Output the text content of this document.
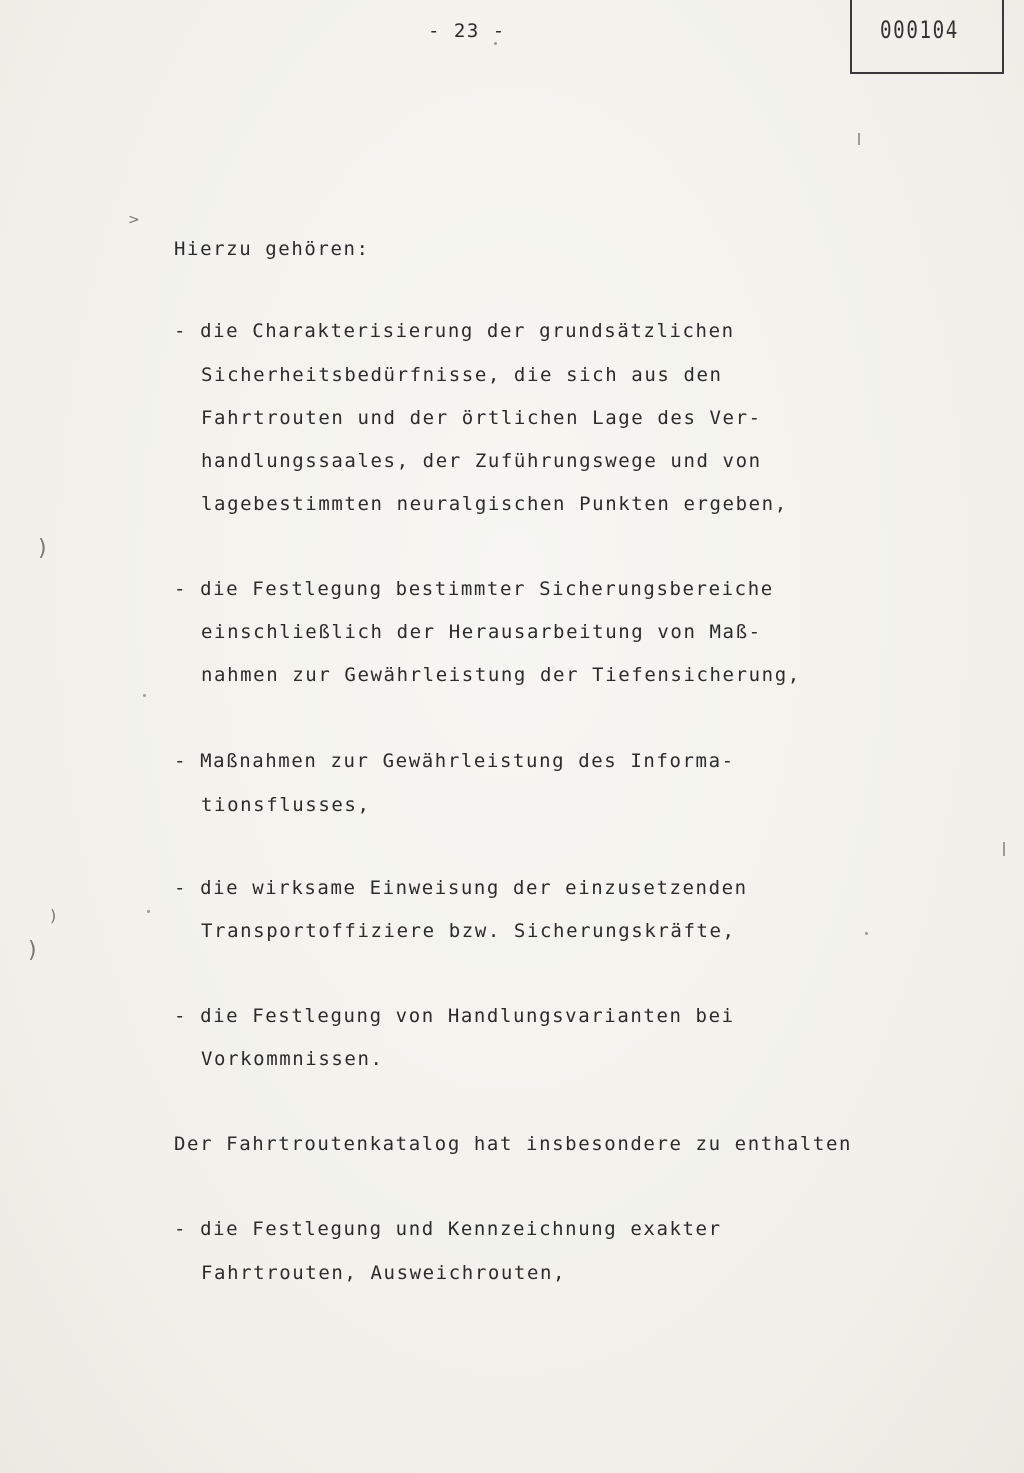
- 23 -	000104
Hierzu gehören:
- die Charakterisierung der grundsätzlichen
Sicherheitsbedürfnisse, die sich aus den
Fahrtrouten und der örtlichen Lage des Ver-
handlungssaales, der Zuführungswege und von
lagebestimmten neuralgischen Punkten ergeben,
- die Festlegung bestimmter Sicherungsbereiche
einschließlich der Herausarbeitung von Maß-
nahmen zur Gewährleistung der Tiefensicherung,
- Maßnahmen zur Gewährleistung des Informa-
tionsflusses,
- die wirksame Einweisung der einzusetzenden
Transportoffiziere bzw. Sicherungskräfte,
- die Festlegung von Handlungsvarianten bei
Vorkommnissen.
Der Fahrtroutenkatalog hat insbesondere zu enthalten
- die Festlegung und Kennzeichnung exakter
Fahrtrouten, Ausweichrouten,
)
)
)
>
